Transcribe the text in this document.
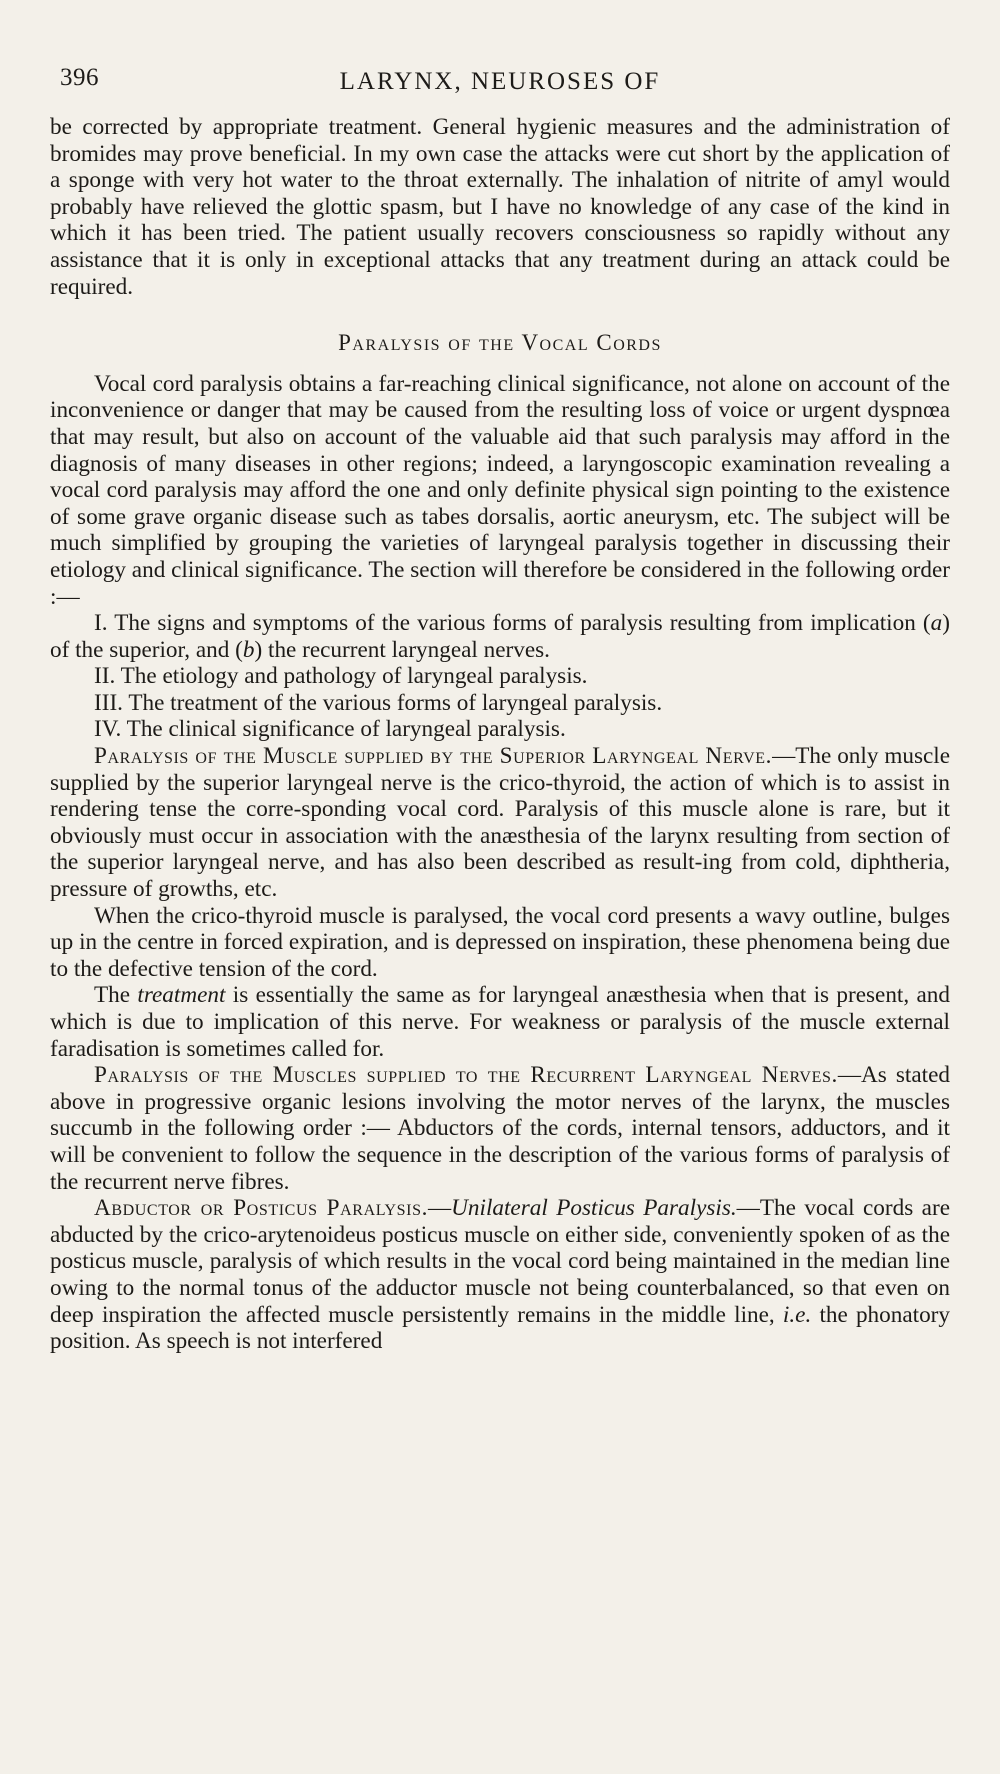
396	LARYNX, NEUROSES OF

be corrected by appropriate treatment. General hygienic measures and the administration of bromides may prove beneficial. In my own case the attacks were cut short by the application of a sponge with very hot water to the throat externally. The inhalation of nitrite of amyl would probably have relieved the glottic spasm, but I have no knowledge of any case of the kind in which it has been tried. The patient usually recovers consciousness so rapidly without any assistance that it is only in exceptional attacks that any treatment during an attack could be required.

Paralysis of the Vocal Cords

Vocal cord paralysis obtains a far-reaching clinical significance, not alone on account of the inconvenience or danger that may be caused from the resulting loss of voice or urgent dyspnœa that may result, but also on account of the valuable aid that such paralysis may afford in the diagnosis of many diseases in other regions; indeed, a laryngoscopic examination revealing a vocal cord paralysis may afford the one and only definite physical sign pointing to the existence of some grave organic disease such as tabes dorsalis, aortic aneurysm, etc. The subject will be much simplified by grouping the varieties of laryngeal paralysis together in discussing their etiology and clinical significance. The section will therefore be considered in the following order :—

I. The signs and symptoms of the various forms of paralysis resulting from implication (a) of the superior, and (b) the recurrent laryngeal nerves.

II. The etiology and pathology of laryngeal paralysis.

III. The treatment of the various forms of laryngeal paralysis.

IV. The clinical significance of laryngeal paralysis.

Paralysis of the Muscle supplied by the Superior Laryngeal Nerve.—The only muscle supplied by the superior laryngeal nerve is the crico-thyroid, the action of which is to assist in rendering tense the corre-sponding vocal cord. Paralysis of this muscle alone is rare, but it obviously must occur in association with the anæsthesia of the larynx resulting from section of the superior laryngeal nerve, and has also been described as result-ing from cold, diphtheria, pressure of growths, etc.

When the crico-thyroid muscle is paralysed, the vocal cord presents a wavy outline, bulges up in the centre in forced expiration, and is depressed on inspiration, these phenomena being due to the defective tension of the cord.

The treatment is essentially the same as for laryngeal anæsthesia when that is present, and which is due to implication of this nerve. For weakness or paralysis of the muscle external faradisation is sometimes called for.

Paralysis of the Muscles supplied to the Recurrent Laryngeal Nerves.—As stated above in progressive organic lesions involving the motor nerves of the larynx, the muscles succumb in the following order :— Abductors of the cords, internal tensors, adductors, and it will be convenient to follow the sequence in the description of the various forms of paralysis of the recurrent nerve fibres.

Abductor or Posticus Paralysis.—Unilateral Posticus Paralysis.—The vocal cords are abducted by the crico-arytenoideus posticus muscle on either side, conveniently spoken of as the posticus muscle, paralysis of which results in the vocal cord being maintained in the median line owing to the normal tonus of the adductor muscle not being counterbalanced, so that even on deep inspiration the affected muscle persistently remains in the middle line, i.e. the phonatory position. As speech is not interfered
